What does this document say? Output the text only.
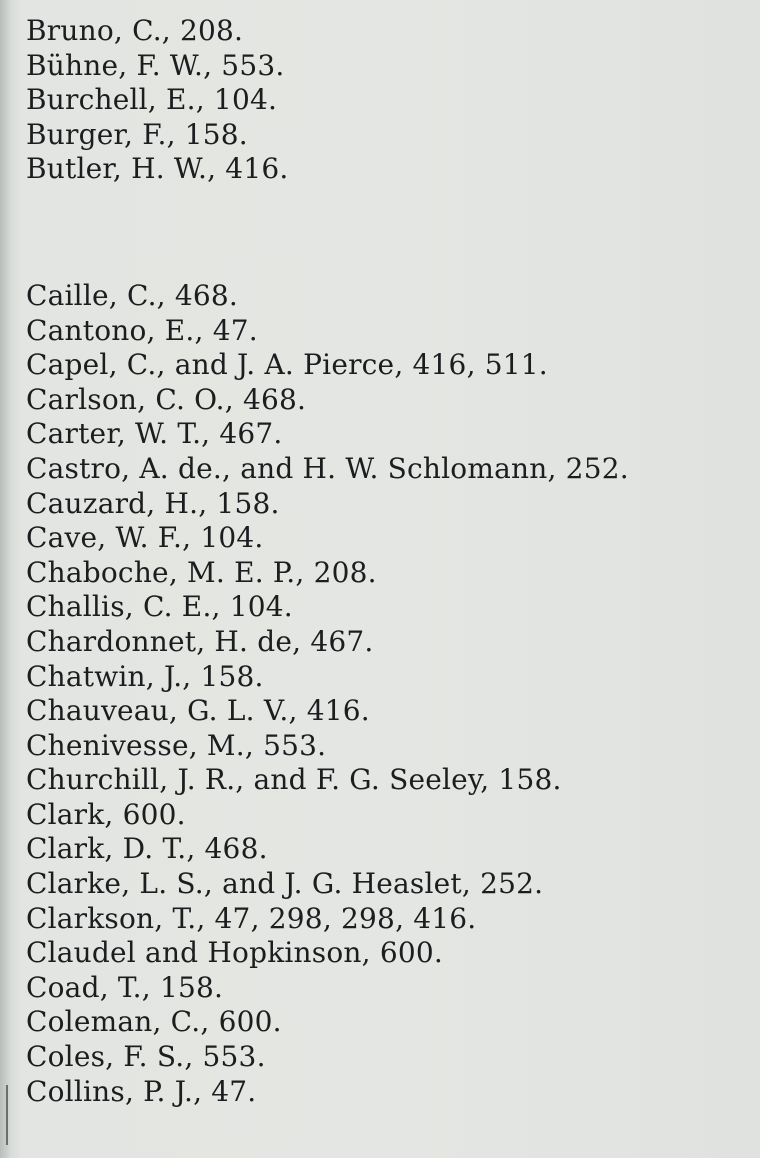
Bruno, C., 208.
Bühne, F. W., 553.
Burchell, E., 104.
Burger, F., 158.
Butler, H. W., 416.
Caille, C., 468.
Cantono, E., 47.
Capel, C., and J. A. Pierce, 416, 511.
Carlson, C. O., 468.
Carter, W. T., 467.
Castro, A. de., and H. W. Schlomann, 252.
Cauzard, H., 158.
Cave, W. F., 104.
Chaboche, M. E. P., 208.
Challis, C. E., 104.
Chardonnet, H. de, 467.
Chatwin, J., 158.
Chauveau, G. L. V., 416.
Chenivesse, M., 553.
Churchill, J. R., and F. G. Seeley, 158.
Clark, 600.
Clark, D. T., 468.
Clarke, L. S., and J. G. Heaslet, 252.
Clarkson, T., 47, 298, 298, 416.
Claudel and Hopkinson, 600.
Coad, T., 158.
Coleman, C., 600.
Coles, F. S., 553.
Collins, P. J., 47.
